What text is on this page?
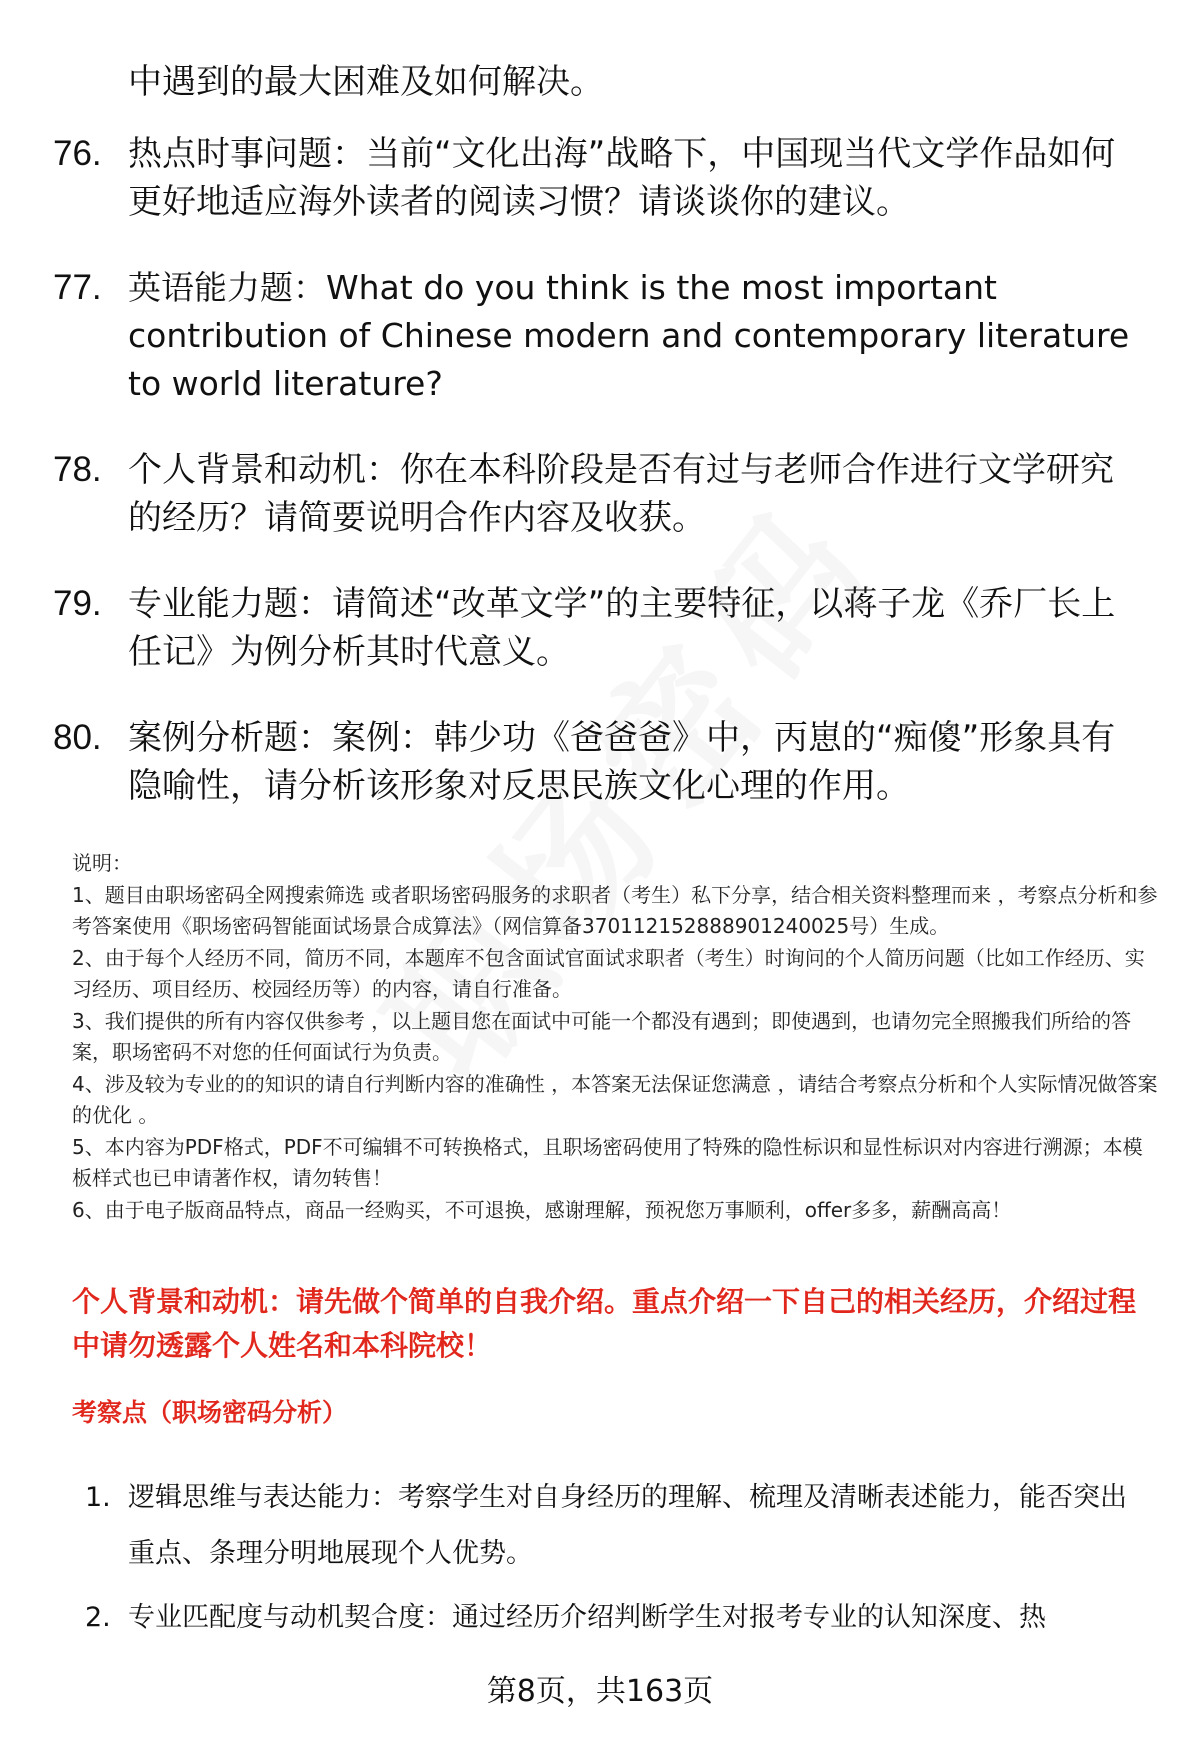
中遇到的最大困难及如何解决。
76. 热点时事问题：当前“文化出海”战略下，中国现当代文学作品如何更好地适应海外读者的阅读习惯？请谈谈你的建议。
77. 英语能力题：What do you think is the most important contribution of Chinese modern and contemporary literature to world literature?
78. 个人背景和动机：你在本科阶段是否有过与老师合作进行文学研究的经历？请简要说明合作内容及收获。
79. 专业能力题：请简述“改革文学”的主要特征，以蒋子龙《乔厂长上任记》为例分析其时代意义。
80. 案例分析题：案例：韩少功《爸爸爸》中，丙崽的“痴傻”形象具有隐喻性，请分析该形象对反思民族文化心理的作用。

说明：

1、题目由职场密码全网搜索筛选 或者职场密码服务的求职者（考生）私下分享，结合相关资料整理而来 ，考察点分析和参考答案使用《职场密码智能面试场景合成算法》（网信算备370112152888901240025号）生成。

2、由于每个人经历不同，简历不同，本题库不包含面试官面试求职者（考生）时询问的个人简历问题（比如工作经历、实习经历、项目经历、校园经历等）的内容，请自行准备。

3、我们提供的所有内容仅供参考 ，以上题目您在面试中可能一个都没有遇到；即使遇到，也请勿完全照搬我们所给的答案，职场密码不对您的任何面试行为负责。

4、涉及较为专业的的知识的请自行判断内容的准确性 ，本答案无法保证您满意 ，请结合考察点分析和个人实际情况做答案的优化 。

5、本内容为PDF格式，PDF不可编辑不可转换格式，且职场密码使用了特殊的隐性标识和显性标识对内容进行溯源；本模板样式也已申请著作权，请勿转售！

6、由于电子版商品特点，商品一经购买，不可退换，感谢理解，预祝您万事顺利，offer多多，薪酬高高！

个人背景和动机：请先做个简单的自我介绍。重点介绍一下自己的相关经历，介绍过程中请勿透露个人姓名和本科院校！
考察点（职场密码分析）
1. 逻辑思维与表达能力：考察学生对自身经历的理解、梳理及清晰表述能力，能否突出重点、条理分明地展现个人优势。
2. 专业匹配度与动机契合度：通过经历介绍判断学生对报考专业的认知深度、热
第8页，共163页
